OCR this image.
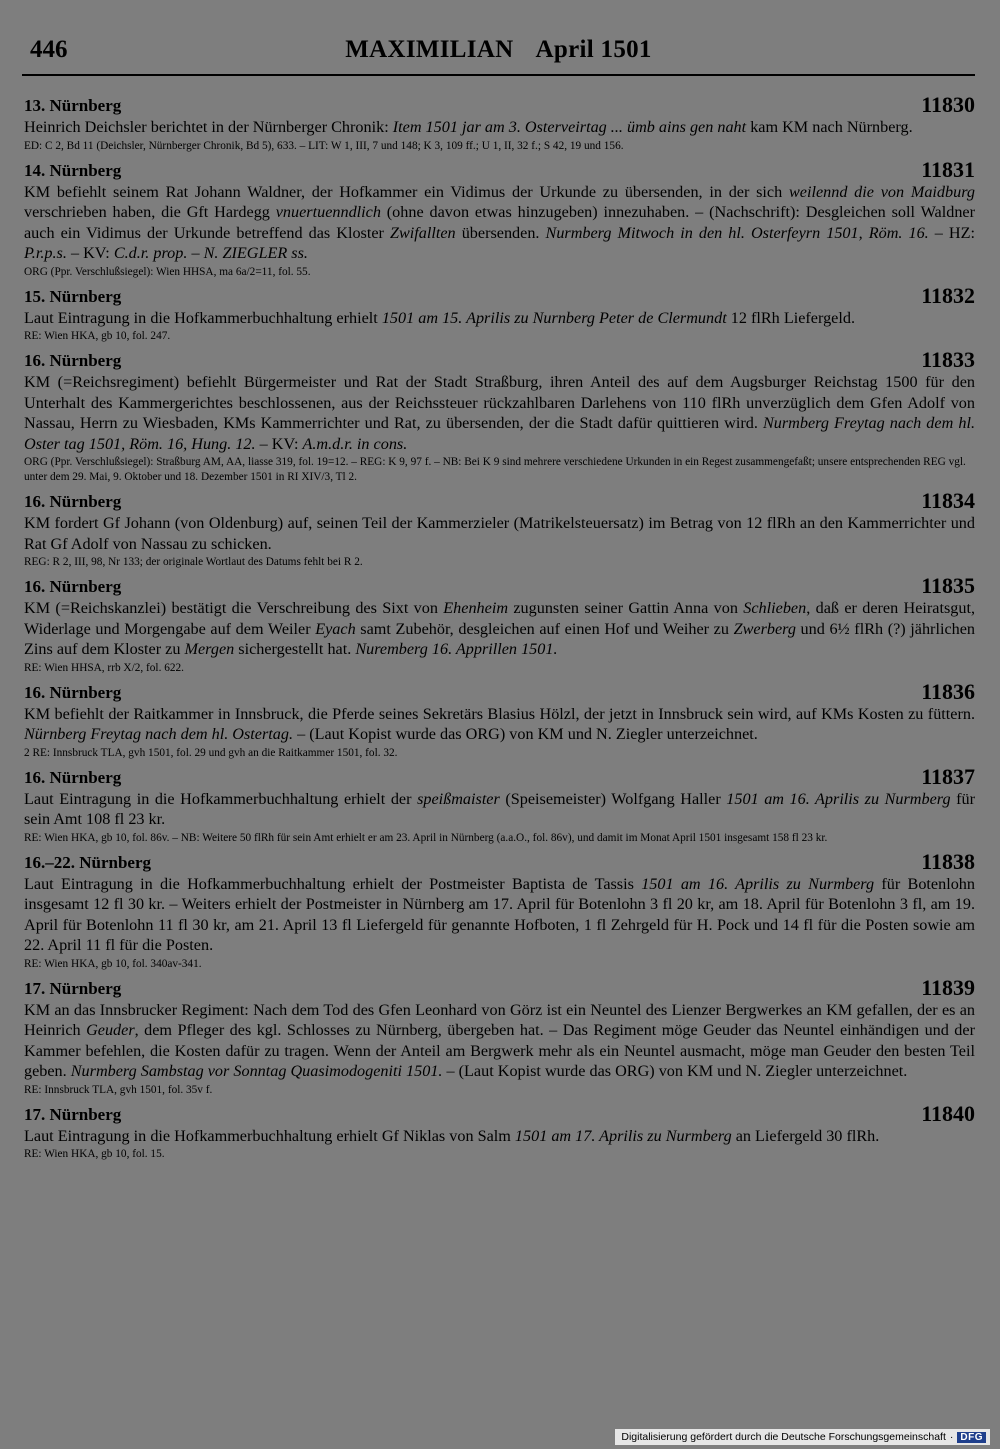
446	MAXIMILIAN April 1501
13. Nürnberg	11830
Heinrich Deichsler berichtet in der Nürnberger Chronik: Item 1501 jar am 3. Osterveirtag ... ümb ains gen naht kam KM nach Nürnberg.
ED: C 2, Bd 11 (Deichsler, Nürnberger Chronik, Bd 5), 633. – LIT: W 1, III, 7 und 148; K 3, 109 ff.; U 1, II, 32 f.; S 42, 19 und 156.
14. Nürnberg	11831
KM befiehlt seinem Rat Johann Waldner, der Hofkammer ein Vidimus der Urkunde zu übersenden, in der sich weilennd die von Maidburg verschrieben haben, die Gft Hardegg vnuertuenndlich (ohne davon etwas hinzugeben) innezuhaben. – (Nachschrift): Desgleichen soll Waldner auch ein Vidimus der Urkunde betreffend das Kloster Zwifallten übersenden. Nurmberg Mitwoch in den hl. Osterfeyrn 1501, Röm. 16. – HZ: P.r.p.s. – KV: C.d.r. prop. – N. ZIEGLER ss.
ORG (Ppr. Verschlußsiegel): Wien HHSA, ma 6a/2=11, fol. 55.
15. Nürnberg	11832
Laut Eintragung in die Hofkammerbuchhaltung erhielt 1501 am 15. Aprilis zu Nurnberg Peter de Clermundt 12 flRh Liefergeld.
RE: Wien HKA, gb 10, fol. 247.
16. Nürnberg	11833
KM (=Reichsregiment) befiehlt Bürgermeister und Rat der Stadt Straßburg, ihren Anteil des auf dem Augsburger Reichstag 1500 für den Unterhalt des Kammergerichtes beschlossenen, aus der Reichssteuer rückzahlbaren Darlehens von 110 flRh unverzüglich dem Gfen Adolf von Nassau, Herrn zu Wiesbaden, KMs Kammerrichter und Rat, zu übersenden, der die Stadt dafür quittieren wird. Nurmberg Freytag nach dem hl. Oster tag 1501, Röm. 16, Hung. 12. – KV: A.m.d.r. in cons.
ORG (Ppr. Verschlußsiegel): Straßburg AM, AA, liasse 319, fol. 19=12. – REG: K 9, 97 f. – NB: Bei K 9 sind mehrere verschiedene Urkunden in ein Regest zusammengefaßt; unsere entsprechenden REG vgl. unter dem 29. Mai, 9. Oktober und 18. Dezember 1501 in RI XIV/3, Tl 2.
16. Nürnberg	11834
KM fordert Gf Johann (von Oldenburg) auf, seinen Teil der Kammerzieler (Matrikelsteuersatz) im Betrag von 12 flRh an den Kammerrichter und Rat Gf Adolf von Nassau zu schicken.
REG: R 2, III, 98, Nr 133; der originale Wortlaut des Datums fehlt bei R 2.
16. Nürnberg	11835
KM (=Reichskanzlei) bestätigt die Verschreibung des Sixt von Ehenheim zugunsten seiner Gattin Anna von Schlieben, daß er deren Heiratsgut, Widerlage und Morgengabe auf dem Weiler Eyach samt Zubehör, desgleichen auf einen Hof und Weiher zu Zwerberg und 6½ flRh (?) jährlichen Zins auf dem Kloster zu Mergen sichergestellt hat. Nuremberg 16. Apprillen 1501.
RE: Wien HHSA, rrb X/2, fol. 622.
16. Nürnberg	11836
KM befiehlt der Raitkammer in Innsbruck, die Pferde seines Sekretärs Blasius Hölzl, der jetzt in Innsbruck sein wird, auf KMs Kosten zu füttern. Nürnberg Freytag nach dem hl. Ostertag. – (Laut Kopist wurde das ORG) von KM und N. Ziegler unterzeichnet.
2 RE: Innsbruck TLA, gvh 1501, fol. 29 und gvh an die Raitkammer 1501, fol. 32.
16. Nürnberg	11837
Laut Eintragung in die Hofkammerbuchhaltung erhielt der speißmaister (Speisemeister) Wolfgang Haller 1501 am 16. Aprilis zu Nurmberg für sein Amt 108 fl 23 kr.
RE: Wien HKA, gb 10, fol. 86v. – NB: Weitere 50 flRh für sein Amt erhielt er am 23. April in Nürnberg (a.a.O., fol. 86v), und damit im Monat April 1501 insgesamt 158 fl 23 kr.
16.–22. Nürnberg	11838
Laut Eintragung in die Hofkammerbuchhaltung erhielt der Postmeister Baptista de Tassis 1501 am 16. Aprilis zu Nurmberg für Botenlohn insgesamt 12 fl 30 kr. – Weiters erhielt der Postmeister in Nürnberg am 17. April für Botenlohn 3 fl 20 kr, am 18. April für Botenlohn 3 fl, am 19. April für Botenlohn 11 fl 30 kr, am 21. April 13 fl Liefergeld für genannte Hofboten, 1 fl Zehrgeld für H. Pock und 14 fl für die Posten sowie am 22. April 11 fl für die Posten.
RE: Wien HKA, gb 10, fol. 340av-341.
17. Nürnberg	11839
KM an das Innsbrucker Regiment: Nach dem Tod des Gfen Leonhard von Görz ist ein Neuntel des Lienzer Bergwerkes an KM gefallen, der es an Heinrich Geuder, dem Pfleger des kgl. Schlosses zu Nürnberg, übergeben hat. – Das Regiment möge Geuder das Neuntel einhändigen und der Kammer befehlen, die Kosten dafür zu tragen. Wenn der Anteil am Bergwerk mehr als ein Neuntel ausmacht, möge man Geuder den besten Teil geben. Nurmberg Sambstag vor Sonntag Quasimodogeniti 1501. – (Laut Kopist wurde das ORG) von KM und N. Ziegler unterzeichnet.
RE: Innsbruck TLA, gvh 1501, fol. 35v f.
17. Nürnberg	11840
Laut Eintragung in die Hofkammerbuchhaltung erhielt Gf Niklas von Salm 1501 am 17. Aprilis zu Nurmberg an Liefergeld 30 flRh.
RE: Wien HKA, gb 10, fol. 15.
Digitalisierung gefördert durch die Deutsche Forschungsgemeinschaft · DFG
